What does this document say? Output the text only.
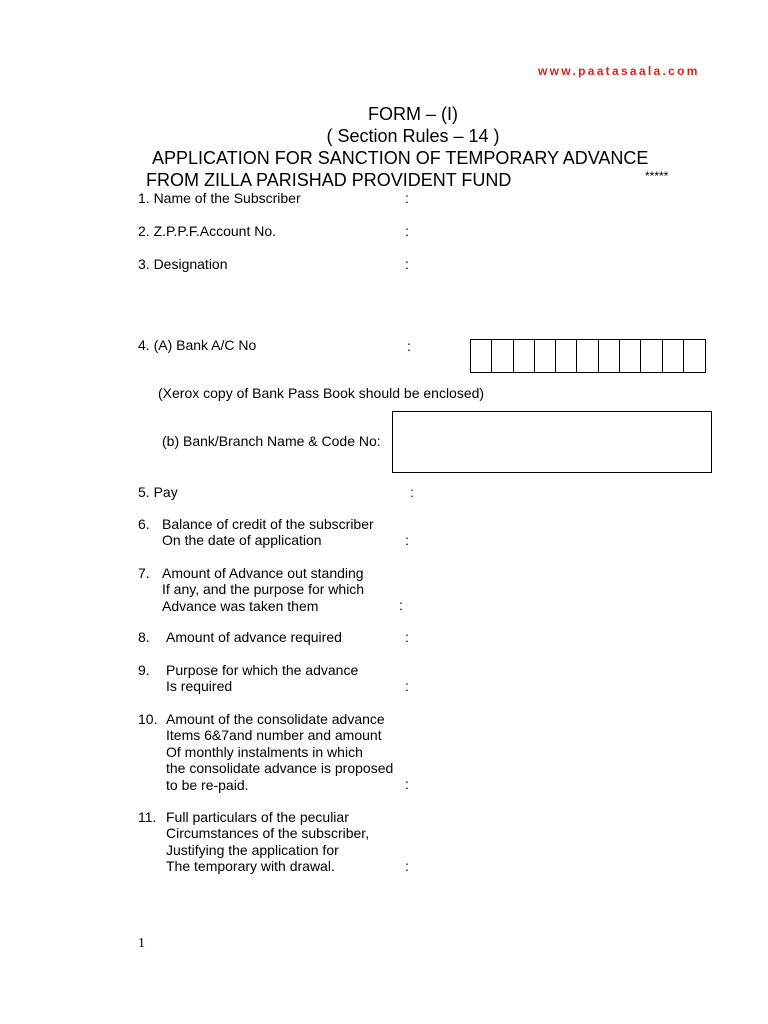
www.paatasaala.com
FORM – (I)
( Section Rules – 14 )
APPLICATION FOR SANCTION OF TEMPORARY ADVANCE
FROM ZILLA PARISHAD PROVIDENT FUND	*****
1. Name of the Subscriber	:
2. Z.P.P.F.Account No.	:
3. Designation	:
4. (A) Bank A/C No	:
(Xerox copy of Bank Pass Book should be enclosed)
(b) Bank/Branch Name & Code No:
5. Pay	:
6. Balance of credit of the subscriber
On the date of application	:
7. Amount of Advance out standing
If any, and the purpose for which
Advance was taken them	:
8. Amount of advance required	:
9. Purpose for which the advance
Is required	:
10. Amount of the consolidate advance
Items 6&7and number and amount
Of monthly instalments in which
the consolidate advance is proposed
to be re-paid.	:
11. Full particulars of the peculiar
Circumstances of the subscriber,
Justifying the application for
The temporary with drawal.	:
1
